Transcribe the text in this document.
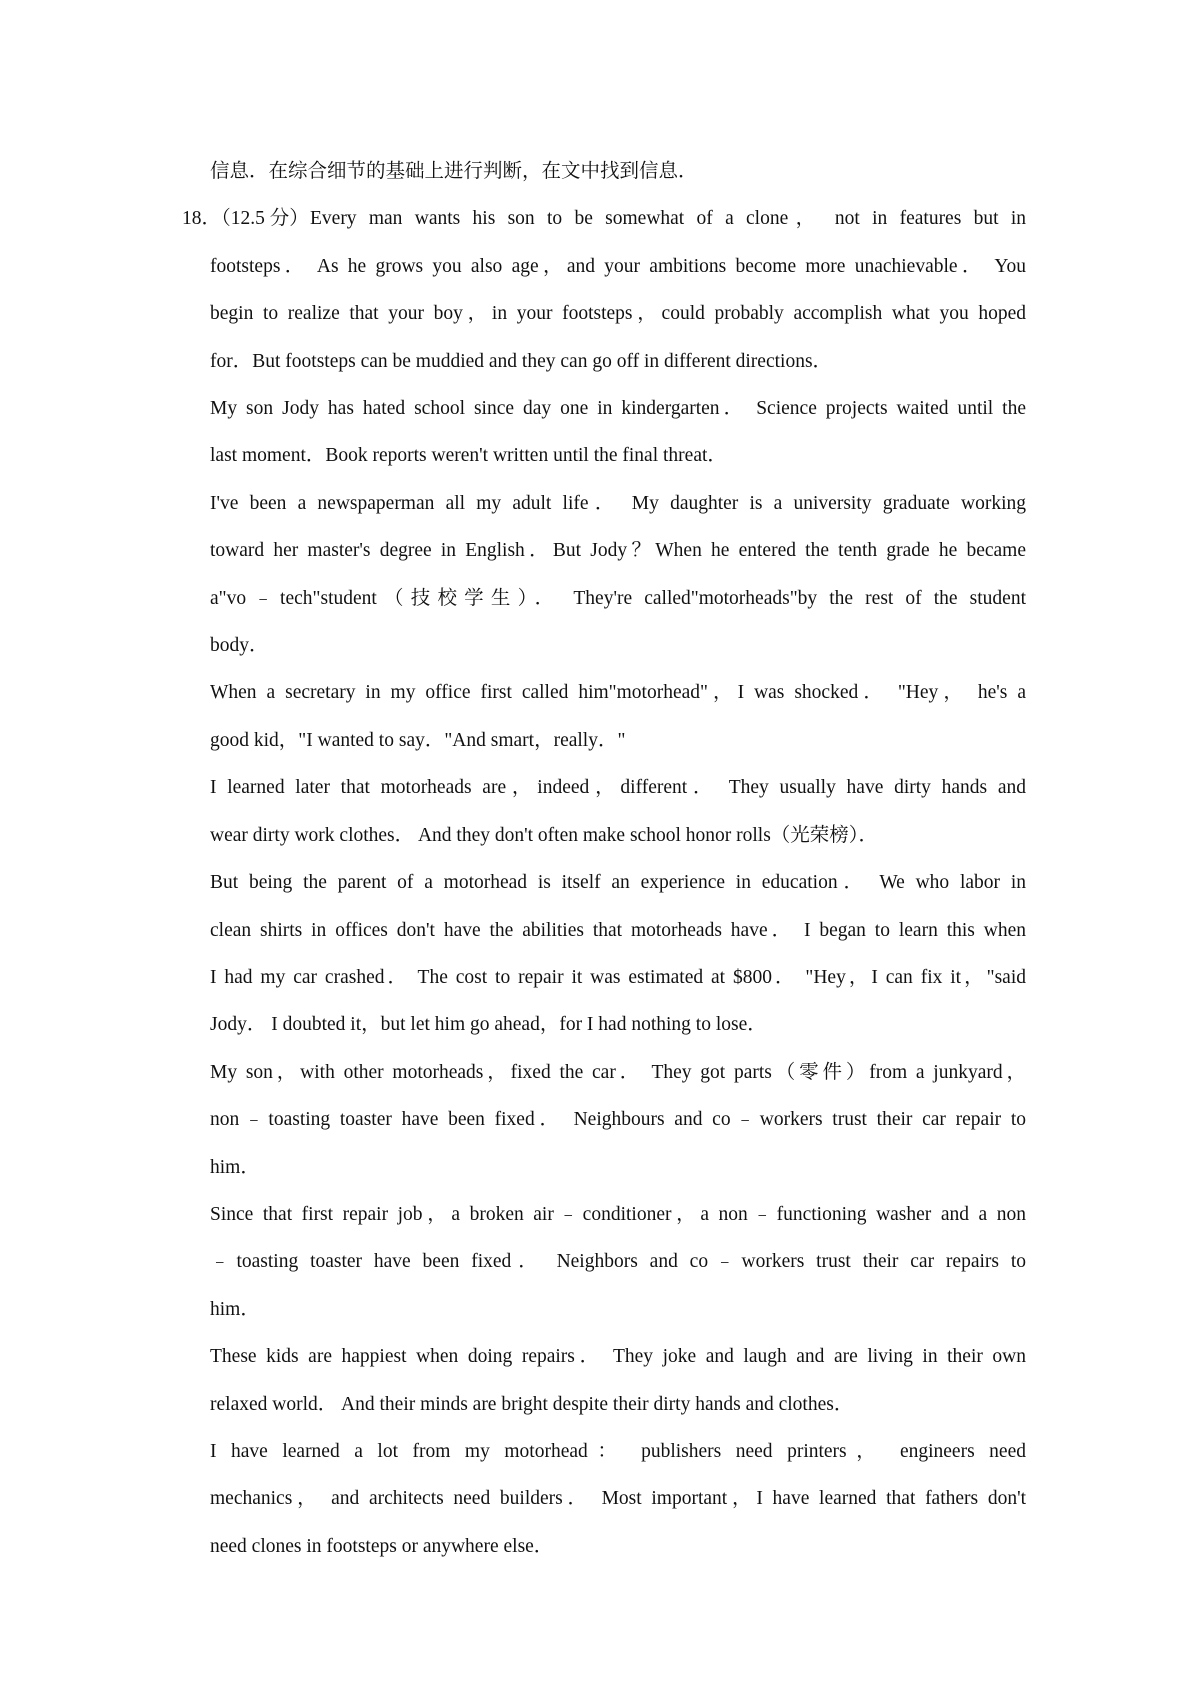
18．（12.5 分）

信息．在综合细节的基础上进行判断，在文中找到信息．

Every man wants his son to be somewhat of a clone， not in features but in

footsteps． As he grows you also age，and your ambitions become more unachievable． You

begin to realize that your boy，in your footsteps，could probably accomplish what you hoped

for．But footsteps can be muddied and they can go off in different directions．

My son Jody has hated school since day one in kindergarten． Science projects waited until the

last moment．Book reports weren't written until the final threat．

I've been a newspaperman all my adult life． My daughter is a university graduate working

toward her master's degree in English．But Jody？When he entered the tenth grade he became

a"vo﹣tech"student（技校学生）． They're called"motorheads"by the rest of the student

body．

When a secretary in my office first called him"motorhead"，I was shocked． "Hey， he's a

good kid，"I wanted to say．"And smart，really．"

I learned later that motorheads are，indeed，different． They usually have dirty hands and

wear dirty work clothes． And they don't often make school honor rolls（光荣榜）．

But being the parent of a motorhead is itself an experience in education． We who labor in

clean shirts in offices don't have the abilities that motorheads have． I began to learn this when

I had my car crashed． The cost to repair it was estimated at $800． "Hey，I can fix it，"said

Jody． I doubted it，but let him go ahead，for I had nothing to lose．

My son，with other motorheads，fixed the car． They got parts（零件）from a junkyard，

non﹣toasting toaster have been fixed． Neighbours and co﹣workers trust their car repair to

him．

Since that first repair job，a broken air﹣conditioner，a non﹣functioning washer and a non

﹣toasting toaster have been fixed． Neighbors and co﹣workers trust their car repairs to

him．

These kids are happiest when doing repairs． They joke and laugh and are living in their own

relaxed world． And their minds are bright despite their dirty hands and clothes．

I have learned a lot from my motorhead： publishers need printers， engineers need

mechanics， and architects need builders． Most important，I have learned that fathers don't

need clones in footsteps or anywhere else．
